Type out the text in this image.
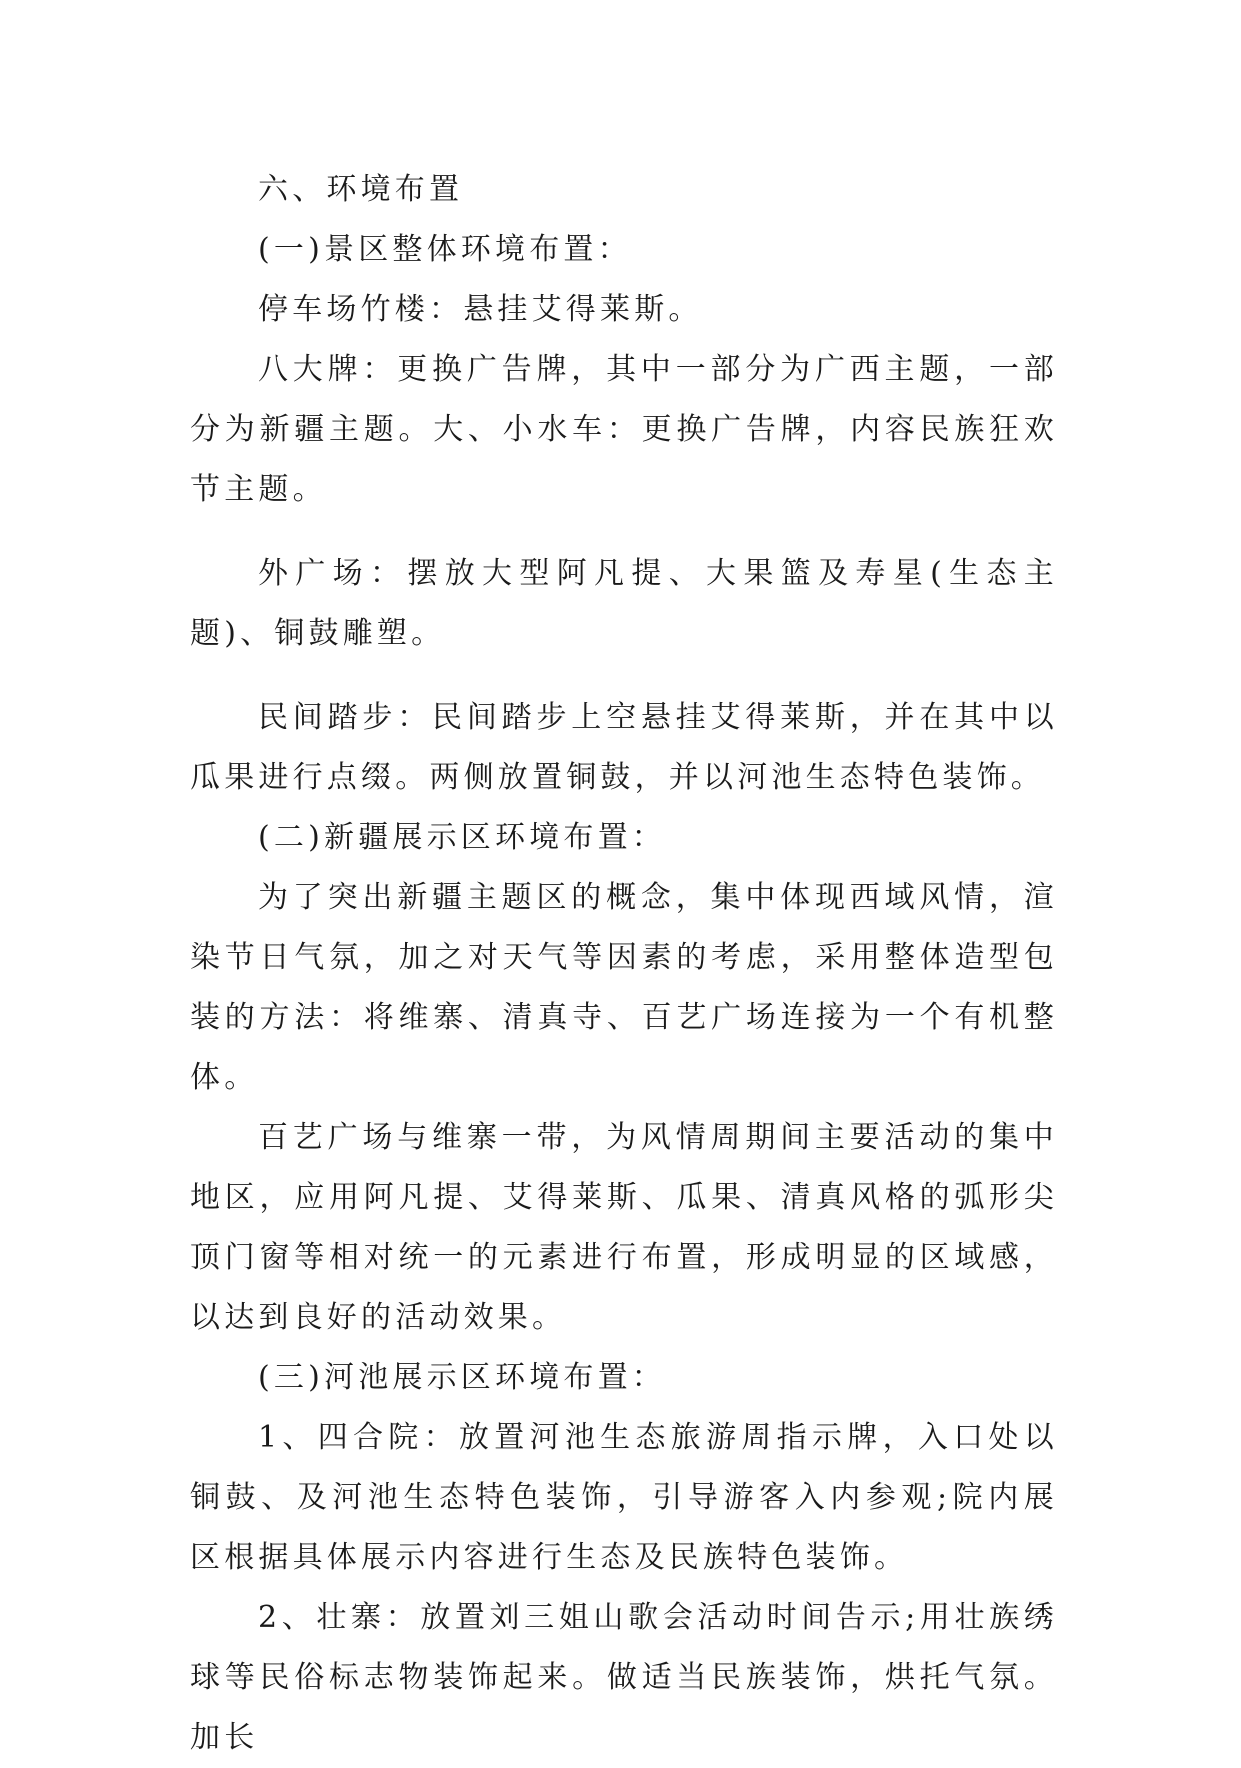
六、环境布置

(一)景区整体环境布置：

停车场竹楼：悬挂艾得莱斯。

八大牌：更换广告牌，其中一部分为广西主题，一部分为新疆主题。大、小水车：更换广告牌，内容民族狂欢节主题。

外广场：摆放大型阿凡提、大果篮及寿星(生态主题)、铜鼓雕塑。

民间踏步：民间踏步上空悬挂艾得莱斯，并在其中以瓜果进行点缀。两侧放置铜鼓，并以河池生态特色装饰。

(二)新疆展示区环境布置：

为了突出新疆主题区的概念，集中体现西域风情，渲染节日气氛，加之对天气等因素的考虑，采用整体造型包装的方法：将维寨、清真寺、百艺广场连接为一个有机整体。

百艺广场与维寨一带，为风情周期间主要活动的集中地区，应用阿凡提、艾得莱斯、瓜果、清真风格的弧形尖顶门窗等相对统一的元素进行布置，形成明显的区域感，以达到良好的活动效果。

(三)河池展示区环境布置：

1、四合院：放置河池生态旅游周指示牌，入口处以铜鼓、及河池生态特色装饰，引导游客入内参观;院内展区根据具体展示内容进行生态及民族特色装饰。

2、壮寨：放置刘三姐山歌会活动时间告示;用壮族绣球等民俗标志物装饰起来。做适当民族装饰，烘托气氛。加长
